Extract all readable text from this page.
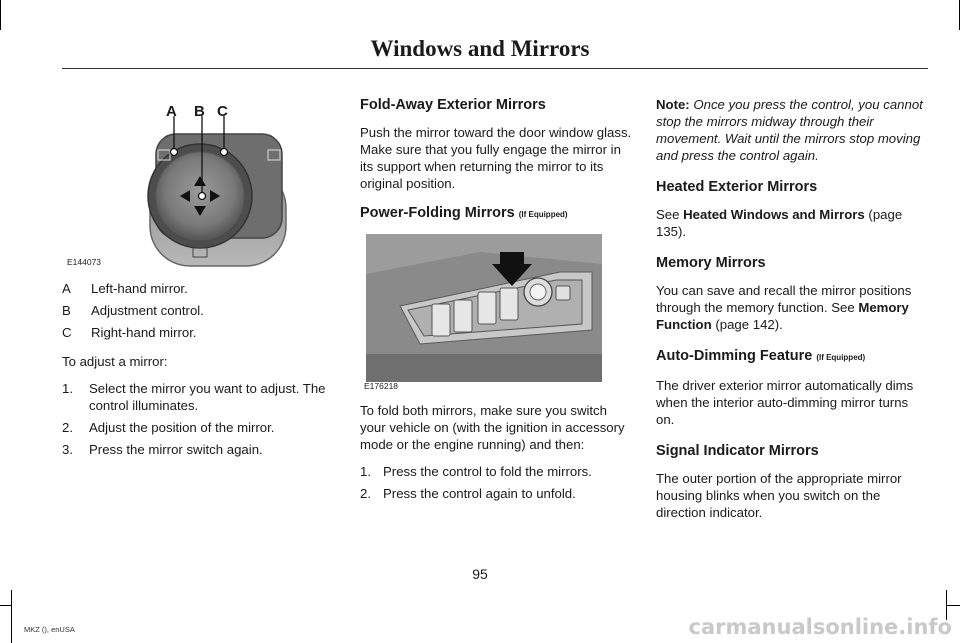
Windows and Mirrors
A B C
E144073
A	Left-hand mirror.
B	Adjustment control.
C	Right-hand mirror.

To adjust a mirror:

1.	Select the mirror you want to adjust. The control illuminates.
2.	Adjust the position of the mirror.
3.	Press the mirror switch again.
Fold-Away Exterior Mirrors

Push the mirror toward the door window glass. Make sure that you fully engage the mirror in its support when returning the mirror to its original position.

Power-Folding Mirrors (If Equipped)
E176218

To fold both mirrors, make sure you switch your vehicle on (with the ignition in accessory mode or the engine running) and then:

1. Press the control to fold the mirrors.
2. Press the control again to unfold.

Note: Once you press the control, you cannot stop the mirrors midway through their movement. Wait until the mirrors stop moving and press the control again.

Heated Exterior Mirrors

See Heated Windows and Mirrors (page 135).

Memory Mirrors

You can save and recall the mirror positions through the memory function. See Memory Function (page 142).

Auto-Dimming Feature (If Equipped)

The driver exterior mirror automatically dims when the interior auto-dimming mirror turns on.

Signal Indicator Mirrors

The outer portion of the appropriate mirror housing blinks when you switch on the direction indicator.

95
MKZ (), enUSA	carmanualsonline.info
